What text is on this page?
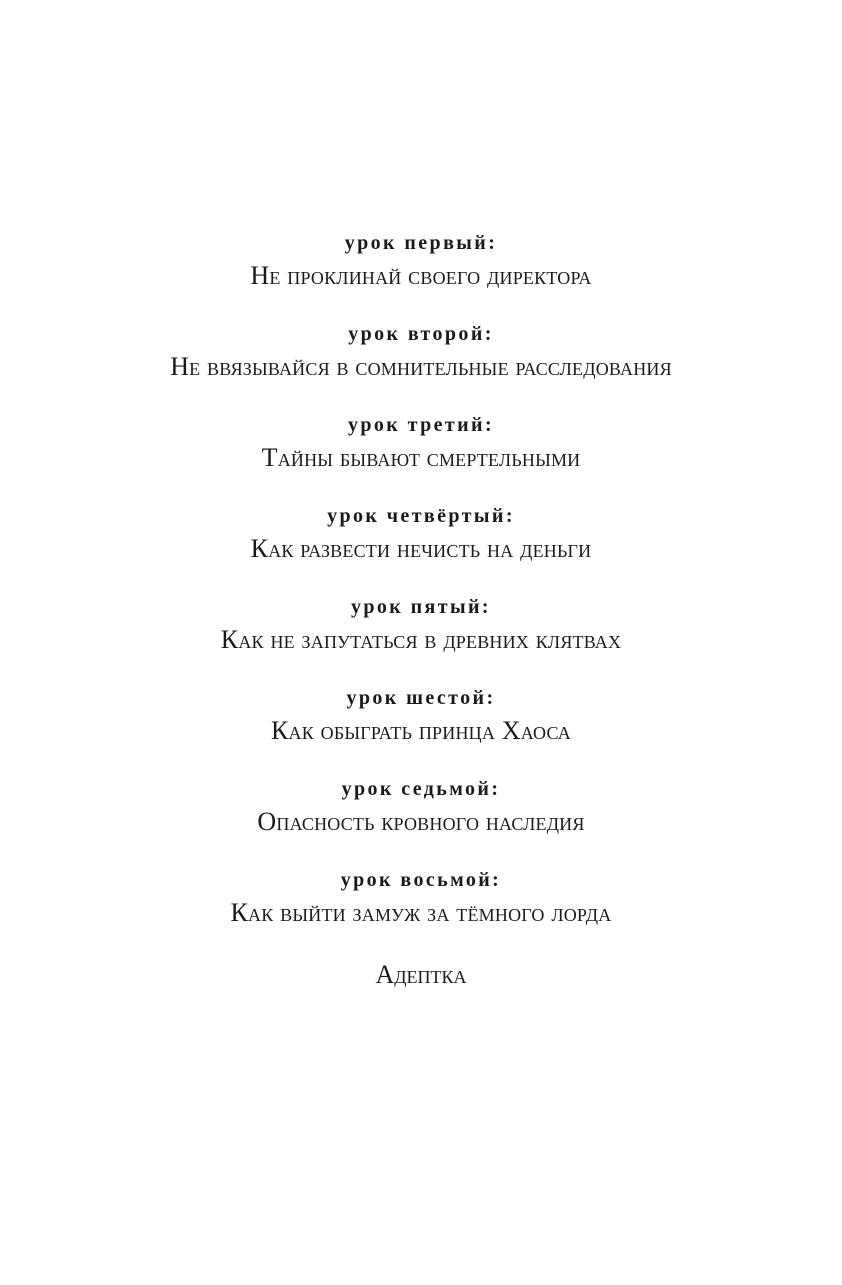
урок первый:
Не проклинай своего директора
урок второй:
Не ввязывайся в сомнительные расследования
урок третий:
Тайны бывают смертельными
урок четвёртый:
Как развести нечисть на деньги
урок пятый:
Как не запутаться в древних клятвах
урок шестой:
Как обыграть принца Хаоса
урок седьмой:
Опасность кровного наследия
урок восьмой:
Как выйти замуж за тёмного лорда
Адептка
